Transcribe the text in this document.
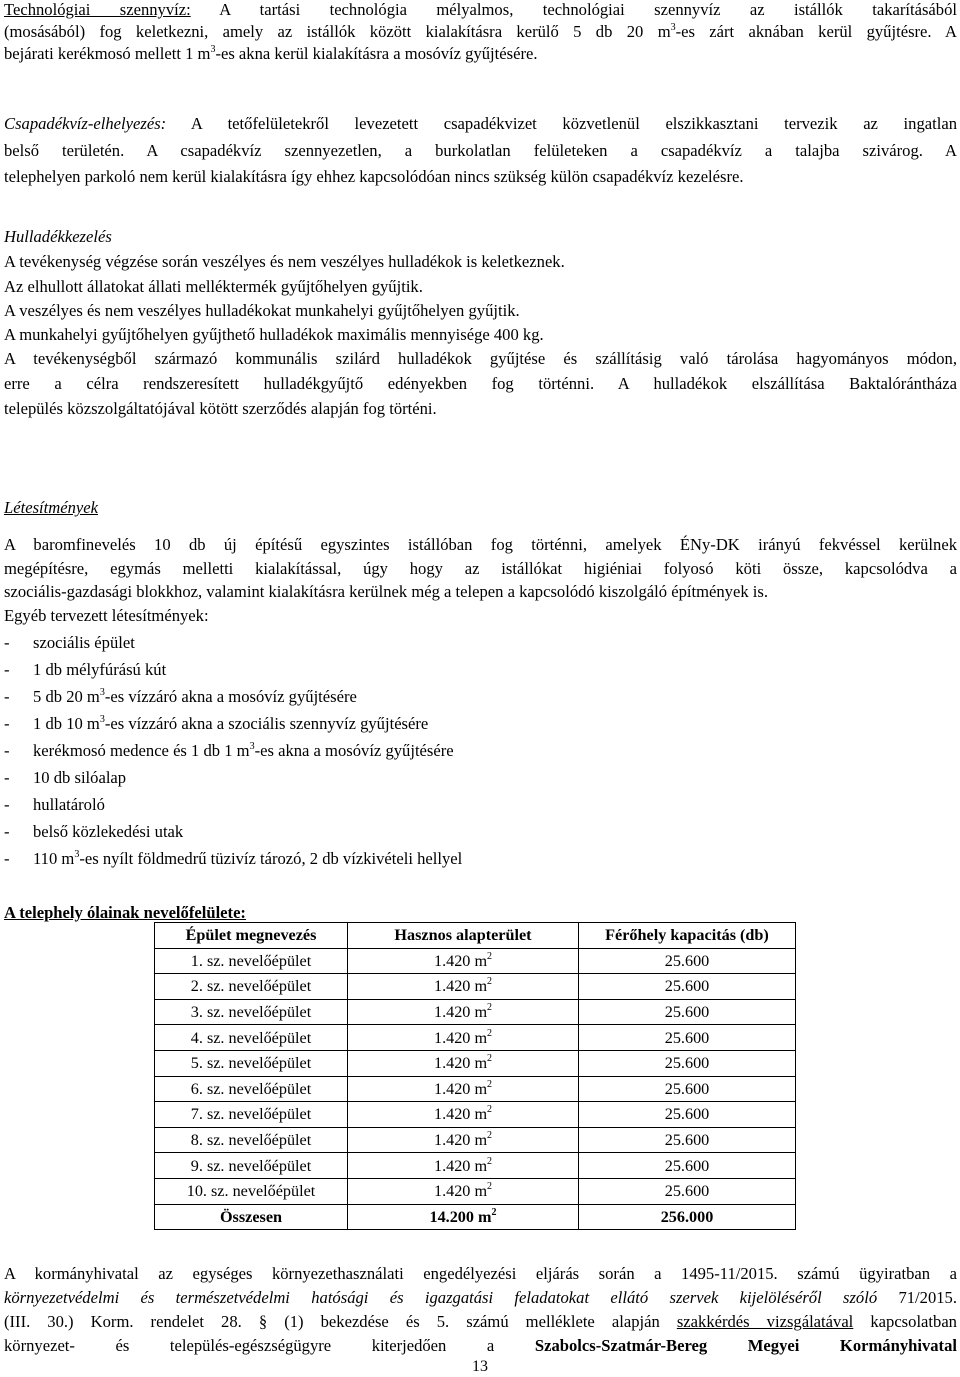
Technológiai szennyvíz: A tartási technológia mélyalmos, technológiai szennyvíz az istállók takarításából
(mosásából) fog keletkezni, amely az istállók között kialakításra kerülő 5 db 20 $m^3-es$ zárt aknában kerül gyűjtésre. A
bejárati kerékmosó mellett 1 $m^3-es$ akna kerül kialakításra a mosóvíz gyűjtésére.
Csapadékvíz-elhelyezés: A tetőfelületekről levezetett csapadékvizet közvetlenül elszikkasztani tervezik az ingatlan
belső területén. A csapadékvíz szennyezetlen, a burkolatlan felületeken a csapadékvíz a talajba szivárog. A
telephelyen parkoló nem kerül kialakításra így ehhez kapcsolódóan nincs szükség külön csapadékvíz kezelésre.
Hulladékkezelés
A tevékenység végzése során veszélyes és nem veszélyes hulladékok is keletkeznek.
Az elhullott állatokat állati melléktermék gyűjtőhelyen gyűjtik.
A veszélyes és nem veszélyes hulladékokat munkahelyi gyűjtőhelyen gyűjtik.
A munkahelyi gyűjtőhelyen gyűjthető hulladékok maximális mennyisége 400 kg.
A tevékenységből származó kommunális szilárd hulladékok gyűjtése és szállításig való tárolása hagyományos módon,
erre a célra rendszeresített hulladékgyűjtő edényekben fog történni. A hulladékok elszállítása Baktalórántháza
település közszolgáltatójával kötött szerződés alapján fog történi.
Létesítmények
A baromfinevelés 10 db új építésű egyszintes istállóban fog történni, amelyek ÉNy-DK irányú fekvéssel kerülnek
megépítésre, egymás melletti kialakítással, úgy hogy az istállókat higiéniai folyosó köti össze, kapcsolódva a
szociális-gazdasági blokkhoz, valamint kialakításra kerülnek még a telepen a kapcsolódó kiszolgáló építmények is.
Egyéb tervezett létesítmények:
- szociális épület
- 1 db mélyfúrású kút
- 5 db 20 $m^3-es$ vízzáró akna a mosóvíz gyűjtésére
- 1 db 10 $m^3-es$ vízzáró akna a szociális szennyvíz gyűjtésére
- kerékmosó medence és 1 db 1 $m^3-es$ akna a mosóvíz gyűjtésére
- 10 db silóalap
- hullatároló
- belső közlekedési utak
- 110 $m^3-es$ nyílt földmedrű tüzivíz tározó, 2 db vízkivételi hellyel
A telephely ólainak nevelőfelülete:
Épület megnevezés	Hasznos alapterület	Férőhely kapacitás (db)
1. sz. nevelőépület	1.420 $m^2$	25.600
2. sz. nevelőépület	1.420 $m^2$	25.600
3. sz. nevelőépület	1.420 $m^2$	25.600
4. sz. nevelőépület	1.420 $m^2$	25.600
5. sz. nevelőépület	1.420 $m^2$	25.600
6. sz. nevelőépület	1.420 $m^2$	25.600
7. sz. nevelőépület	1.420 $m^2$	25.600
8. sz. nevelőépület	1.420 $m^2$	25.600
9. sz. nevelőépület	1.420 $m^2$	25.600
10. sz. nevelőépület	1.420 $m^2$	25.600
Összesen	14.200 $m^2$	256.000
A kormányhivatal az egységes környezethasználati engedélyezési eljárás során a 1495-11/2015. számú ügyiratban a
környezetvédelmi és természetvédelmi hatósági és igazgatási feladatokat ellátó szervek kijelöléséről szóló 71/2015.
(III. 30.) Korm. rendelet 28. § (1) bekezdése és 5. számú melléklete alapján szakkérdés vizsgálatával kapcsolatban
környezet- és település-egészségügyre kiterjedően a Szabolcs-Szatmár-Bereg Megyei Kormányhivatal
13
